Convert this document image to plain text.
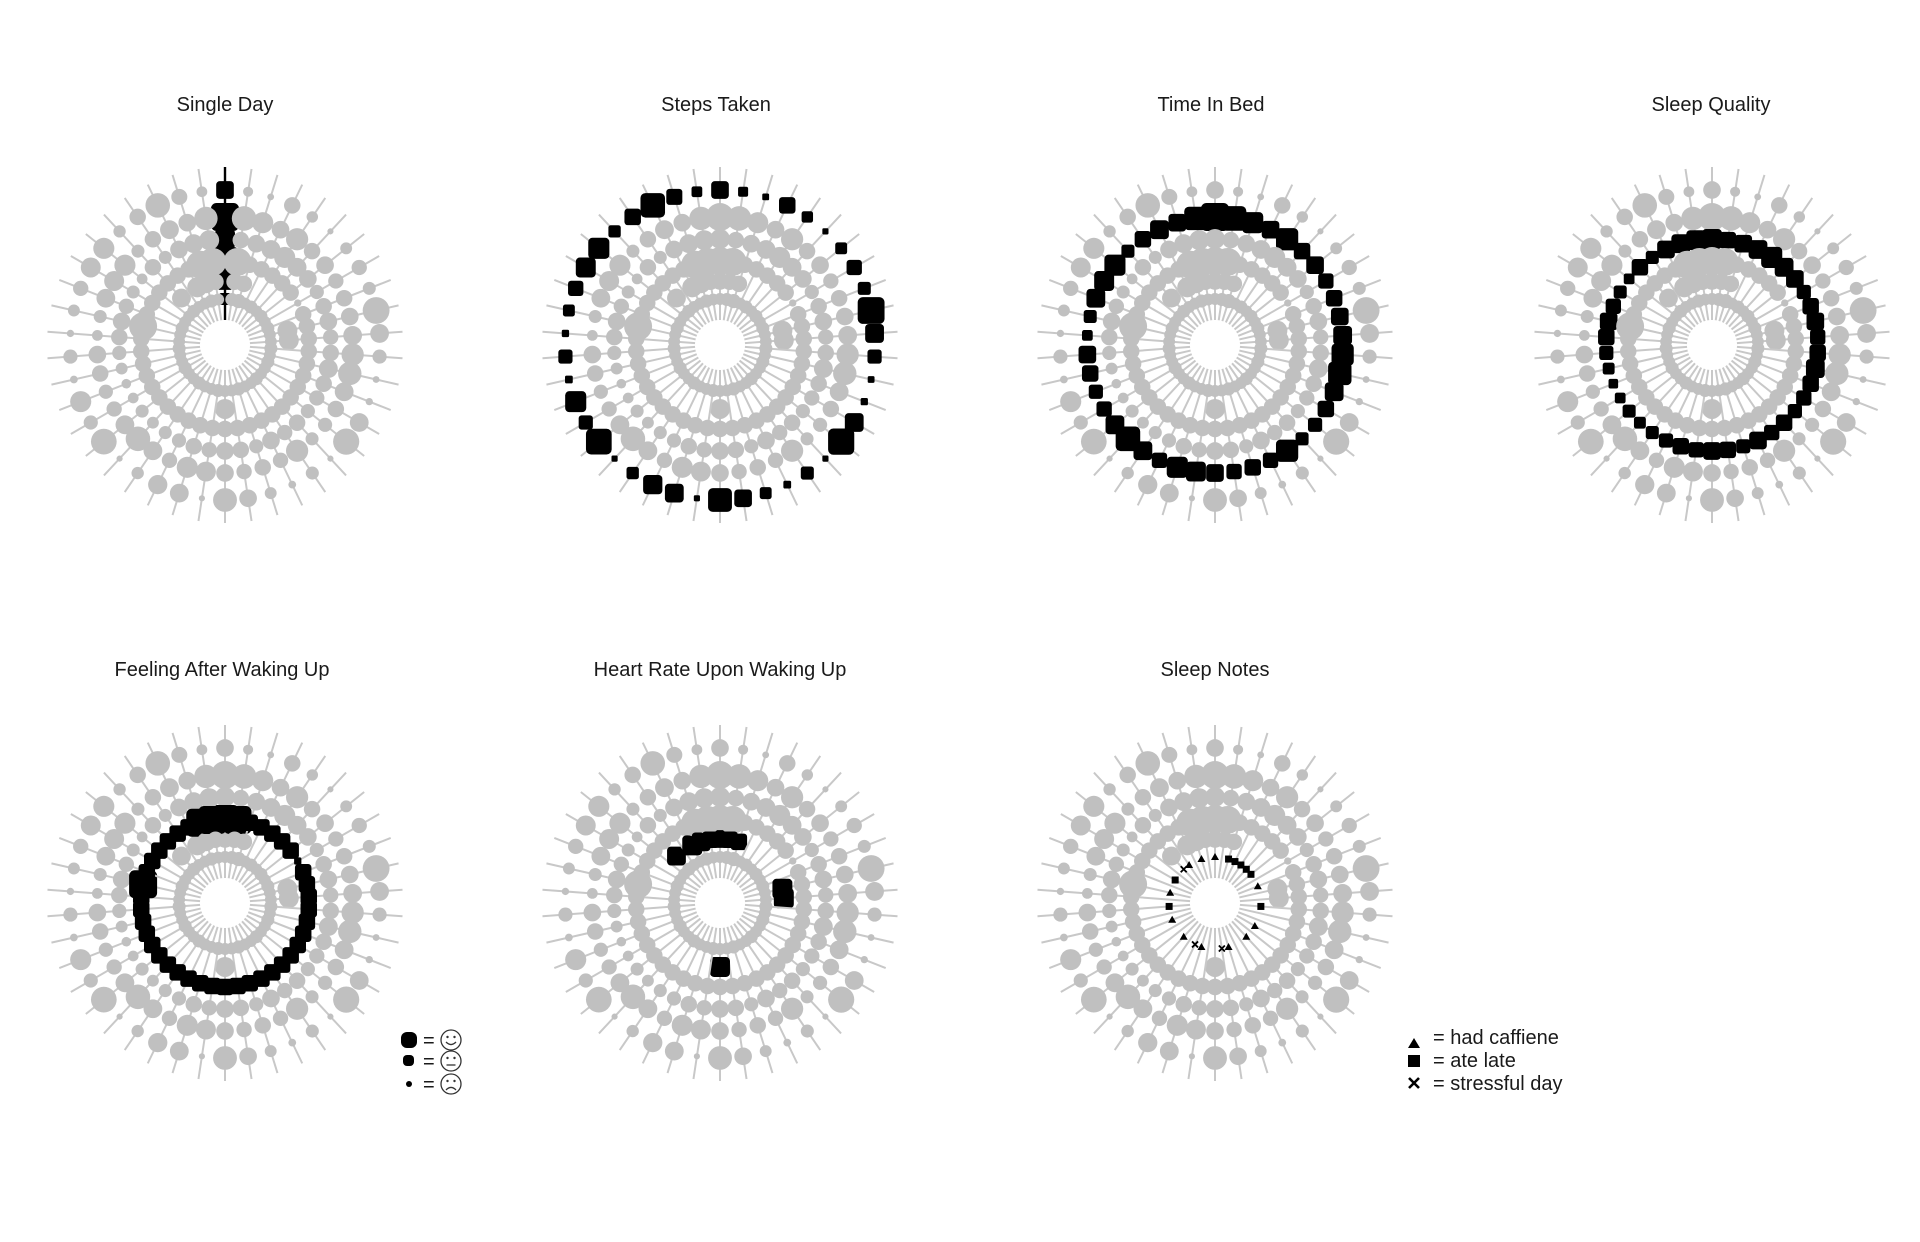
Single Day	Steps Taken	Time In Bed	Sleep Quality
Feeling After Waking Up	Heart Rate Upon Waking Up	Sleep Notes
=
=
=
= had caffiene
= ate late
= stressful day
